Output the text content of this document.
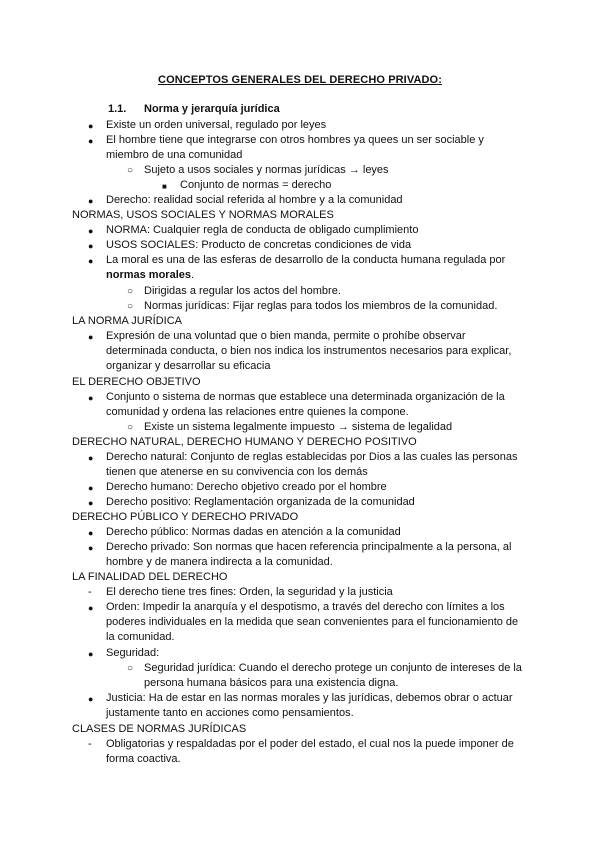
CONCEPTOS GENERALES DEL DERECHO PRIVADO:
1.1. Norma y jerarquía jurídica
● Existe un orden universal, regulado por leyes
● El hombre tiene que integrarse con otros hombres ya quees un ser sociable y
miembro de una comunidad
○ Sujeto a usos sociales y normas jurídicas → leyes
■ Conjunto de normas = derecho
● Derecho: realidad social referida al hombre y a la comunidad
NORMAS, USOS SOCIALES Y NORMAS MORALES
● NORMA: Cualquier regla de conducta de obligado cumplimiento
● USOS SOCIALES: Producto de concretas condiciones de vida
● La moral es una de las esferas de desarrollo de la conducta humana regulada por
normas morales.
○ Dirigidas a regular los actos del hombre.
○ Normas jurídicas: Fijar reglas para todos los miembros de la comunidad.
LA NORMA JURÍDICA
● Expresión de una voluntad que o bien manda, permite o prohíbe observar
determinada conducta, o bien nos indica los instrumentos necesarios para explicar,
organizar y desarrollar su eficacia
EL DERECHO OBJETIVO
● Conjunto o sistema de normas que establece una determinada organización de la
comunidad y ordena las relaciones entre quienes la compone.
○ Existe un sistema legalmente impuesto → sistema de legalidad
DERECHO NATURAL, DERECHO HUMANO Y DERECHO POSITIVO
● Derecho natural: Conjunto de reglas establecidas por Dios a las cuales las personas
tienen que atenerse en su convivencia con los demás
● Derecho humano: Derecho objetivo creado por el hombre
● Derecho positivo: Reglamentación organizada de la comunidad
DERECHO PÚBLICO Y DERECHO PRIVADO
● Derecho público: Normas dadas en atención a la comunidad
● Derecho privado: Son normas que hacen referencia principalmente a la persona, al
hombre y de manera indirecta a la comunidad.
LA FINALIDAD DEL DERECHO
- El derecho tiene tres fines: Orden, la seguridad y la justicia
● Orden: Impedir la anarquía y el despotismo, a través del derecho con límites a los
poderes individuales en la medida que sean convenientes para el funcionamiento de
la comunidad.
● Seguridad:
○ Seguridad jurídica: Cuando el derecho protege un conjunto de intereses de la
persona humana básicos para una existencia digna.
● Justicia: Ha de estar en las normas morales y las jurídicas, debemos obrar o actuar
justamente tanto en acciones como pensamientos.
CLASES DE NORMAS JURÍDICAS
- Obligatorias y respaldadas por el poder del estado, el cual nos la puede imponer de
forma coactiva.
